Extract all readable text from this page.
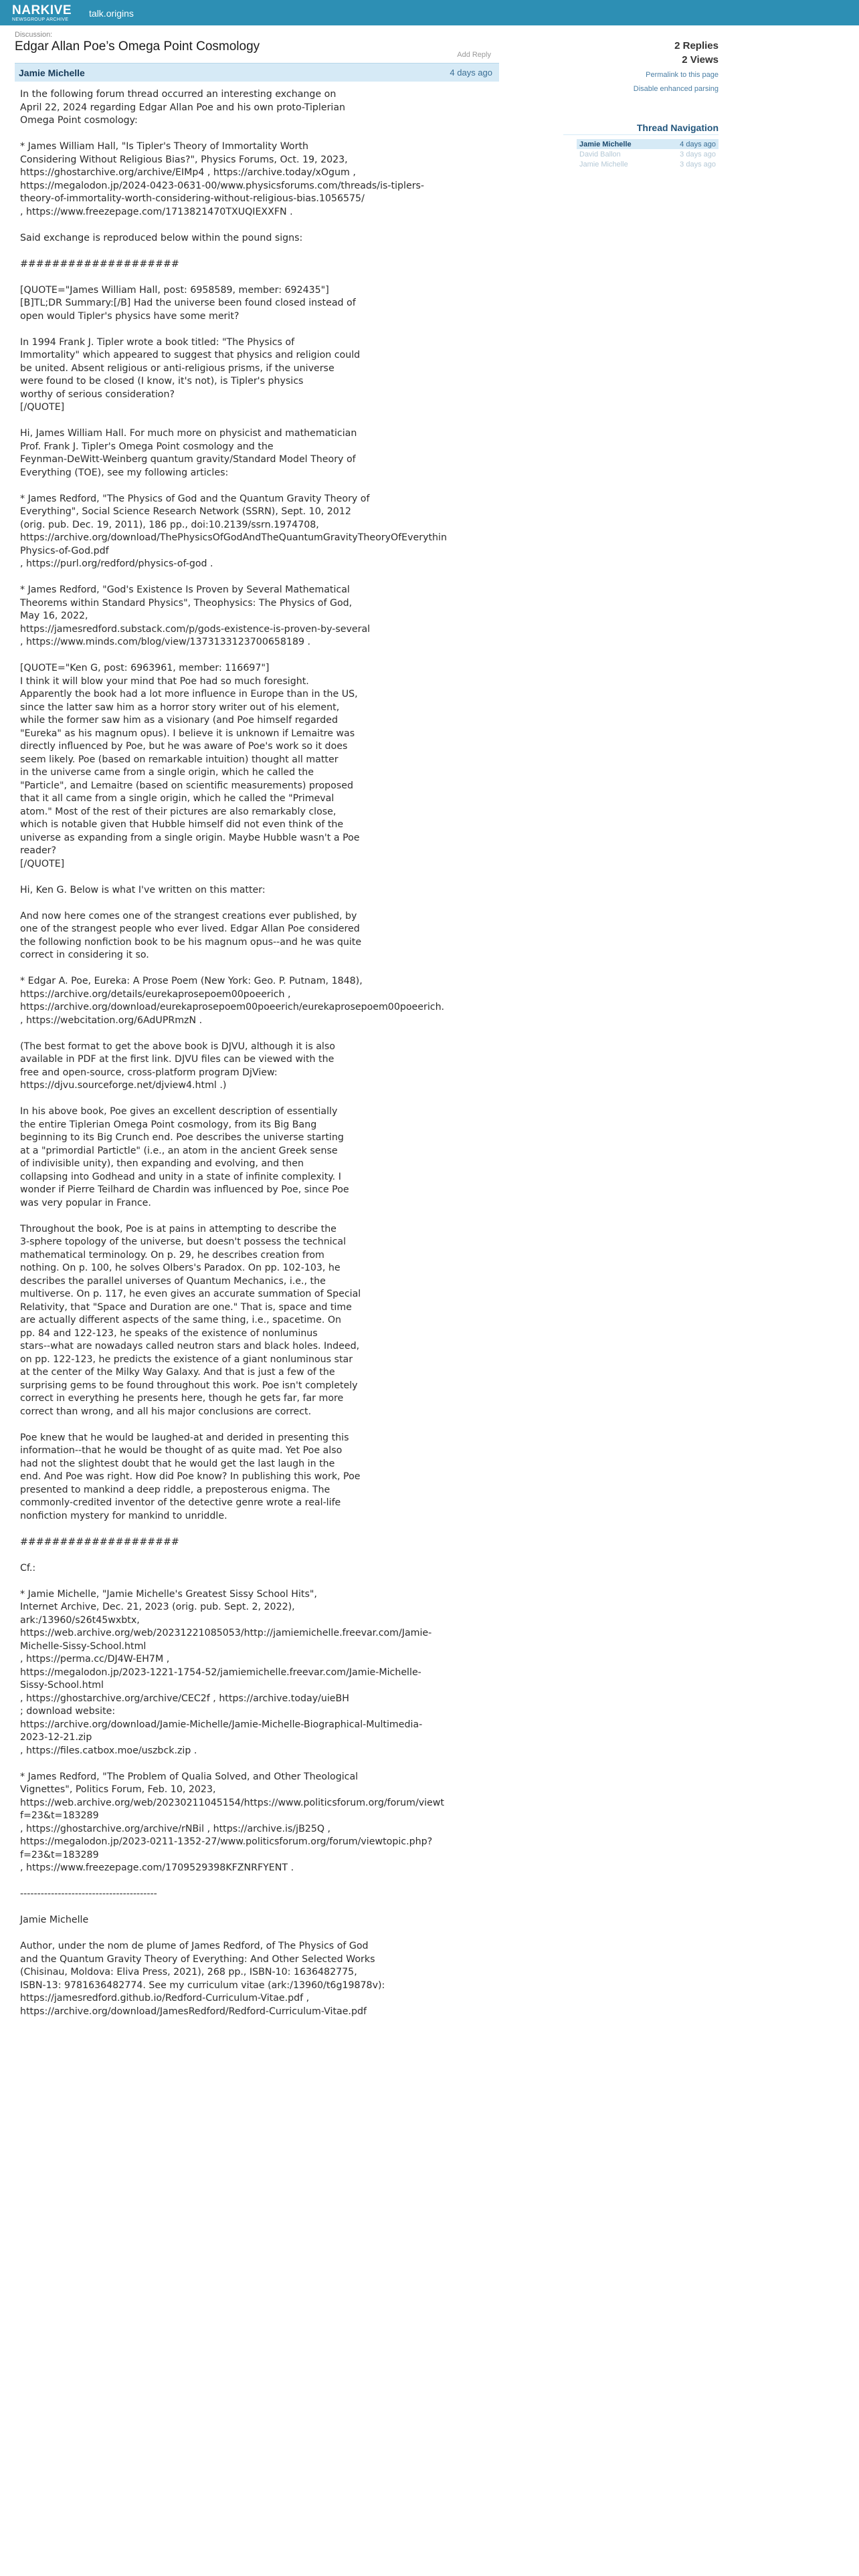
NARKIVE
NEWSGROUP ARCHIVE
talk.origins
Discussion:
Edgar Allan Poe’s Omega Point Cosmology
Add Reply
Jamie Michelle	4 days ago
In the following forum thread occurred an interesting exchange on
April 22, 2024 regarding Edgar Allan Poe and his own proto-Tiplerian
Omega Point cosmology:

* James William Hall, "Is Tipler's Theory of Immortality Worth
Considering Without Religious Bias?", Physics Forums, Oct. 19, 2023,
https://ghostarchive.org/archive/EIMp4 , https://archive.today/xOgum ,
https://megalodon.jp/2024-0423-0631-00/www.physicsforums.com/threads/is-tiplers-
theory-of-immortality-worth-considering-without-religious-bias.1056575/
, https://www.freezepage.com/1713821470TXUQIEXXFN .

Said exchange is reproduced below within the pound signs:

####################

[QUOTE="James William Hall, post: 6958589, member: 692435"]
[B]TL;DR Summary:[/B] Had the universe been found closed instead of
open would Tipler's physics have some merit?

In 1994 Frank J. Tipler wrote a book titled: "The Physics of
Immortality" which appeared to suggest that physics and religion could
be united. Absent religious or anti-religious prisms, if the universe
were found to be closed (I know, it's not), is Tipler's physics
worthy of serious consideration?
[/QUOTE]

Hi, James William Hall. For much more on physicist and mathematician
Prof. Frank J. Tipler's Omega Point cosmology and the
Feynman-DeWitt-Weinberg quantum gravity/Standard Model Theory of
Everything (TOE), see my following articles:

* James Redford, "The Physics of God and the Quantum Gravity Theory of
Everything", Social Science Research Network (SSRN), Sept. 10, 2012
(orig. pub. Dec. 19, 2011), 186 pp., doi:10.2139/ssrn.1974708,
https://archive.org/download/ThePhysicsOfGodAndTheQuantumGravityTheoryOfEverythin
Physics-of-God.pdf
, https://purl.org/redford/physics-of-god .

* James Redford, "God's Existence Is Proven by Several Mathematical
Theorems within Standard Physics", Theophysics: The Physics of God,
May 16, 2022,
https://jamesredford.substack.com/p/gods-existence-is-proven-by-several
, https://www.minds.com/blog/view/1373133123700658189 .

[QUOTE="Ken G, post: 6963961, member: 116697"]
I think it will blow your mind that Poe had so much foresight.
Apparently the book had a lot more influence in Europe than in the US,
since the latter saw him as a horror story writer out of his element,
while the former saw him as a visionary (and Poe himself regarded
"Eureka" as his magnum opus). I believe it is unknown if Lemaitre was
directly influenced by Poe, but he was aware of Poe's work so it does
seem likely. Poe (based on remarkable intuition) thought all matter
in the universe came from a single origin, which he called the
"Particle", and Lemaitre (based on scientific measurements) proposed
that it all came from a single origin, which he called the "Primeval
atom." Most of the rest of their pictures are also remarkably close,
which is notable given that Hubble himself did not even think of the
universe as expanding from a single origin. Maybe Hubble wasn't a Poe
reader?
[/QUOTE]

Hi, Ken G. Below is what I've written on this matter:

And now here comes one of the strangest creations ever published, by
one of the strangest people who ever lived. Edgar Allan Poe considered
the following nonfiction book to be his magnum opus--and he was quite
correct in considering it so.

* Edgar A. Poe, Eureka: A Prose Poem (New York: Geo. P. Putnam, 1848),
https://archive.org/details/eurekaprosepoem00poeerich ,
https://archive.org/download/eurekaprosepoem00poeerich/eurekaprosepoem00poeerich.
, https://webcitation.org/6AdUPRmzN .

(The best format to get the above book is DJVU, although it is also
available in PDF at the first link. DJVU files can be viewed with the
free and open-source, cross-platform program DjView:
https://djvu.sourceforge.net/djview4.html .)

In his above book, Poe gives an excellent description of essentially
the entire Tiplerian Omega Point cosmology, from its Big Bang
beginning to its Big Crunch end. Poe describes the universe starting
at a "primordial Partictle" (i.e., an atom in the ancient Greek sense
of indivisible unity), then expanding and evolving, and then
collapsing into Godhead and unity in a state of infinite complexity. I
wonder if Pierre Teilhard de Chardin was influenced by Poe, since Poe
was very popular in France.

Throughout the book, Poe is at pains in attempting to describe the
3-sphere topology of the universe, but doesn't possess the technical
mathematical terminology. On p. 29, he describes creation from
nothing. On p. 100, he solves Olbers's Paradox. On pp. 102-103, he
describes the parallel universes of Quantum Mechanics, i.e., the
multiverse. On p. 117, he even gives an accurate summation of Special
Relativity, that "Space and Duration are one." That is, space and time
are actually different aspects of the same thing, i.e., spacetime. On
pp. 84 and 122-123, he speaks of the existence of nonluminus
stars--what are nowadays called neutron stars and black holes. Indeed,
on pp. 122-123, he predicts the existence of a giant nonluminous star
at the center of the Milky Way Galaxy. And that is just a few of the
surprising gems to be found throughout this work. Poe isn't completely
correct in everything he presents here, though he gets far, far more
correct than wrong, and all his major conclusions are correct.

Poe knew that he would be laughed-at and derided in presenting this
information--that he would be thought of as quite mad. Yet Poe also
had not the slightest doubt that he would get the last laugh in the
end. And Poe was right. How did Poe know? In publishing this work, Poe
presented to mankind a deep riddle, a preposterous enigma. The
commonly-credited inventor of the detective genre wrote a real-life
nonfiction mystery for mankind to unriddle.

####################

Cf.:

* Jamie Michelle, "Jamie Michelle's Greatest Sissy School Hits",
Internet Archive, Dec. 21, 2023 (orig. pub. Sept. 2, 2022),
ark:/13960/s26t45wxbtx,
https://web.archive.org/web/20231221085053/http://jamiemichelle.freevar.com/Jamie-
Michelle-Sissy-School.html
, https://perma.cc/DJ4W-EH7M ,
https://megalodon.jp/2023-1221-1754-52/jamiemichelle.freevar.com/Jamie-Michelle-
Sissy-School.html
, https://ghostarchive.org/archive/CEC2f , https://archive.today/uieBH
; download website:
https://archive.org/download/Jamie-Michelle/Jamie-Michelle-Biographical-Multimedia-
2023-12-21.zip
, https://files.catbox.moe/uszbck.zip .

* James Redford, "The Problem of Qualia Solved, and Other Theological
Vignettes", Politics Forum, Feb. 10, 2023,
https://web.archive.org/web/20230211045154/https://www.politicsforum.org/forum/viewt
f=23&t=183289
, https://ghostarchive.org/archive/rNBil , https://archive.is/jB25Q ,
https://megalodon.jp/2023-0211-1352-27/www.politicsforum.org/forum/viewtopic.php?
f=23&t=183289
, https://www.freezepage.com/1709529398KFZNRFYENT .

----------------------------------------

Jamie Michelle

Author, under the nom de plume of James Redford, of The Physics of God
and the Quantum Gravity Theory of Everything: And Other Selected Works
(Chisinau, Moldova: Eliva Press, 2021), 268 pp., ISBN-10: 1636482775,
ISBN-13: 9781636482774. See my curriculum vitae (ark:/13960/t6g19878v):
https://jamesredford.github.io/Redford-Curriculum-Vitae.pdf ,
https://archive.org/download/JamesRedford/Redford-Curriculum-Vitae.pdf
2 Replies
2 Views
Permalink to this page
Disable enhanced parsing
Thread Navigation
Jamie Michelle	4 days ago
David Ballon	3 days ago
Jamie Michelle	3 days ago
